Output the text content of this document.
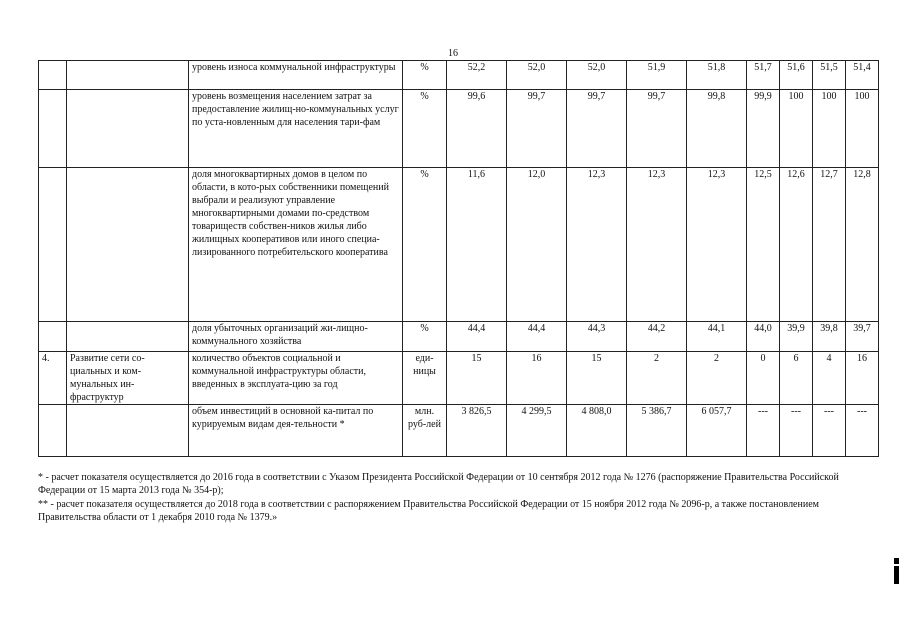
16
		уровень износа коммунальной инфраструктуры	%	52,2	52,0	52,0	51,9	51,8	51,7	51,6	51,5	51,4
		уровень возмещения населением затрат за предоставление жилищ-но-коммунальных услуг по уста-новленным для населения тари-фам	%	99,6	99,7	99,7	99,7	99,8	99,9	100	100	100
		доля многоквартирных домов в целом по области, в кото-рых собственники помещений выбрали и реализуют управление многоквартирными домами по-средством товариществ собствен-ников жилья либо жилищных кооперативов или иного специа-лизированного потребительского кооператива	%	11,6	12,0	12,3	12,3	12,3	12,5	12,6	12,7	12,8
		доля убыточных организаций жи-лищно-коммунального хозяйства	%	44,4	44,4	44,3	44,2	44,1	44,0	39,9	39,8	39,7
4.	Развитие сети со-циальных и ком-мунальных ин-фраструктур	количество объектов социальной и коммунальной инфраструктуры области, введенных в эксплуата-цию за год	еди-ницы	15	16	15	2	2	0	6	4	16
		объем инвестиций в основной ка-питал по курируемым видам дея-тельности *	млн. руб-лей	3 826,5	4 299,5	4 808,0	5 386,7	6 057,7	---	---	---	---

* - расчет показателя осуществляется до 2016 года в соответствии с Указом Президента Российской Федерации от 10 сентября 2012 года № 1276 (распоряжение Правительства Российской Федерации от 15 марта 2013 года № 354-р);

** - расчет показателя осуществляется до 2018 года в соответствии с распоряжением Правительства Российской Федерации от 15 ноября 2012 года № 2096-р, а также постановлением Правительства области от 1 декабря 2010 года № 1379.»
